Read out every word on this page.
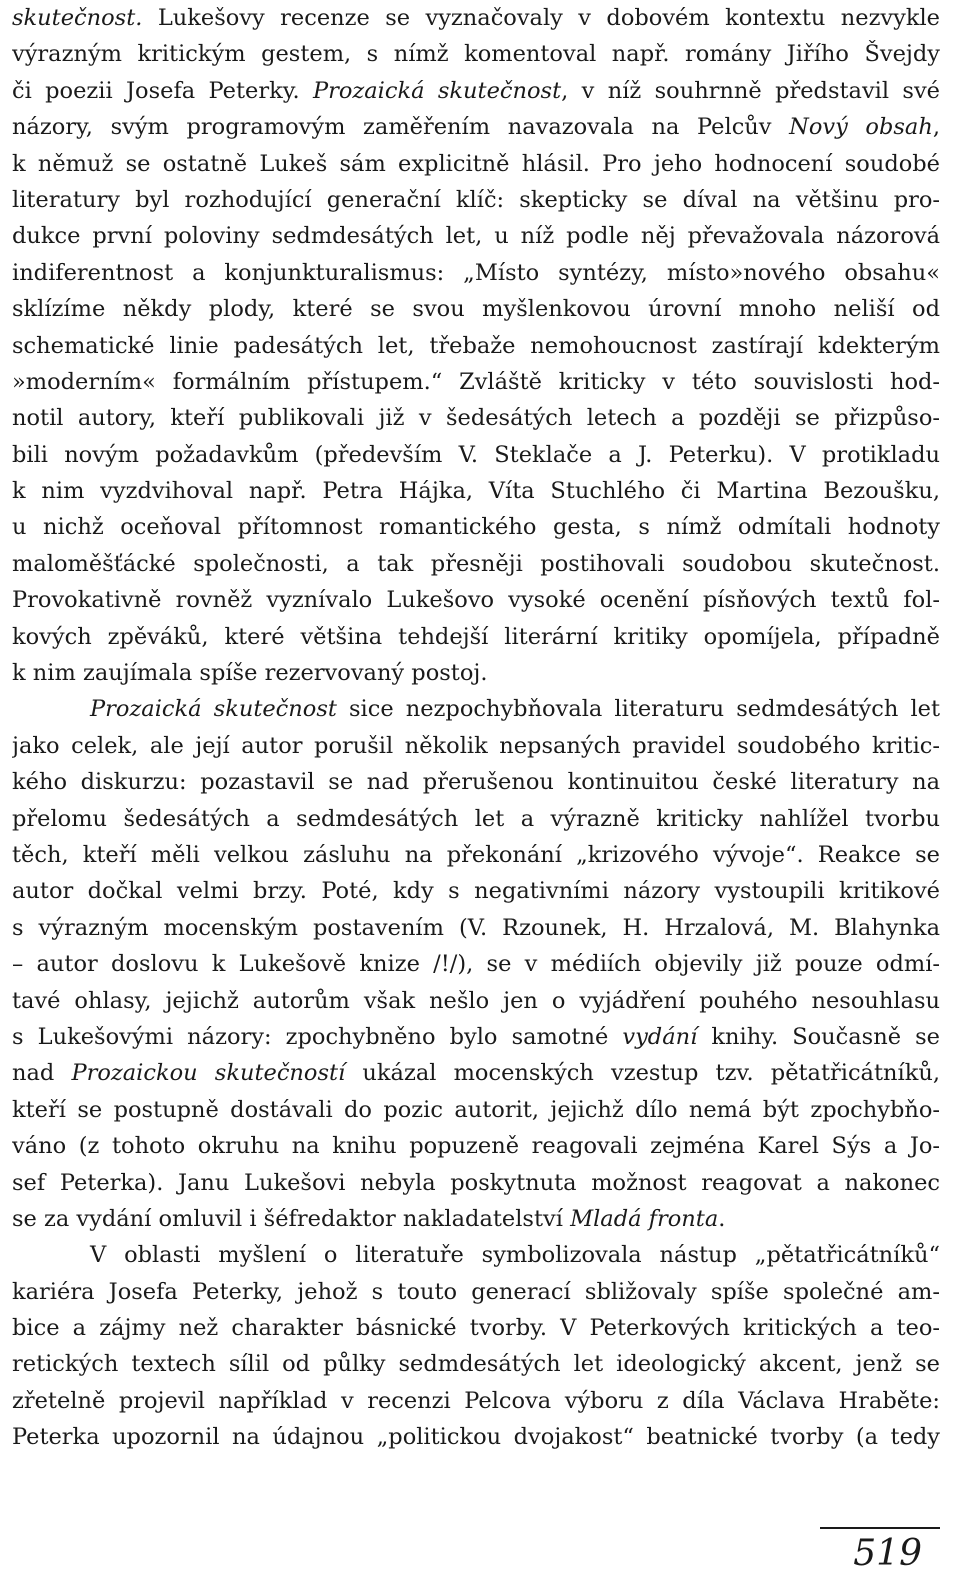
skutečnost. Lukešovy recenze se vyznačovaly v dobovém kontextu nezvykle
výrazným kritickým gestem, s nímž komentoval např. romány Jiřího Švejdy
či poezii Josefa Peterky. Prozaická skutečnost, v níž souhrnně představil své
názory, svým programovým zaměřením navazovala na Pelcův Nový obsah,
k němuž se ostatně Lukeš sám explicitně hlásil. Pro jeho hodnocení soudobé
literatury byl rozhodující generační klíč: skepticky se díval na většinu pro-
dukce první poloviny sedmdesátých let, u níž podle něj převažovala názorová
indiferentnost a konjunkturalismus: „Místo syntézy, místo»nového obsahu«
sklízíme někdy plody, které se svou myšlenkovou úrovní mnoho neliší od
schematické linie padesátých let, třebaže nemohoucnost zastírají kdekterým
»moderním« formálním přístupem.“ Zvláště kriticky v této souvislosti hod-
notil autory, kteří publikovali již v šedesátých letech a později se přizpůso-
bili novým požadavkům (především V. Steklače a J. Peterku). V protikladu
k nim vyzdvihoval např. Petra Hájka, Víta Stuchlého či Martina Bezoušku,
u nichž oceňoval přítomnost romantického gesta, s nímž odmítali hodnoty
maloměšťácké společnosti, a tak přesněji postihovali soudobou skutečnost.
Provokativně rovněž vyznívalo Lukešovo vysoké ocenění písňových textů fol-
kových zpěváků, které většina tehdejší literární kritiky opomíjela, případně
k nim zaujímala spíše rezervovaný postoj.
Prozaická skutečnost sice nezpochybňovala literaturu sedmdesátých let
jako celek, ale její autor porušil několik nepsaných pravidel soudobého kritic-
kého diskurzu: pozastavil se nad přerušenou kontinuitou české literatury na
přelomu šedesátých a sedmdesátých let a výrazně kriticky nahlížel tvorbu
těch, kteří měli velkou zásluhu na překonání „krizového vývoje“. Reakce se
autor dočkal velmi brzy. Poté, kdy s negativními názory vystoupili kritikové
s výrazným mocenským postavením (V. Rzounek, H. Hrzalová, M. Blahynka
– autor doslovu k Lukešově knize /!/), se v médiích objevily již pouze odmí-
tavé ohlasy, jejichž autorům však nešlo jen o vyjádření pouhého nesouhlasu
s Lukešovými názory: zpochybněno bylo samotné vydání knihy. Současně se
nad Prozaickou skutečností ukázal mocenských vzestup tzv. pětatřicátníků,
kteří se postupně dostávali do pozic autorit, jejichž dílo nemá být zpochybňo-
váno (z tohoto okruhu na knihu popuzeně reagovali zejména Karel Sýs a Jo-
sef Peterka). Janu Lukešovi nebyla poskytnuta možnost reagovat a nakonec
se za vydání omluvil i šéfredaktor nakladatelství Mladá fronta.
V oblasti myšlení o literatuře symbolizovala nástup „pětatřicátníků“
kariéra Josefa Peterky, jehož s touto generací sbližovaly spíše společné am-
bice a zájmy než charakter básnické tvorby. V Peterkových kritických a teo-
retických textech sílil od půlky sedmdesátých let ideologický akcent, jenž se
zřetelně projevil například v recenzi Pelcova výboru z díla Václava Hraběte:
Peterka upozornil na údajnou „politickou dvojakost“ beatnické tvorby (a tedy
519
